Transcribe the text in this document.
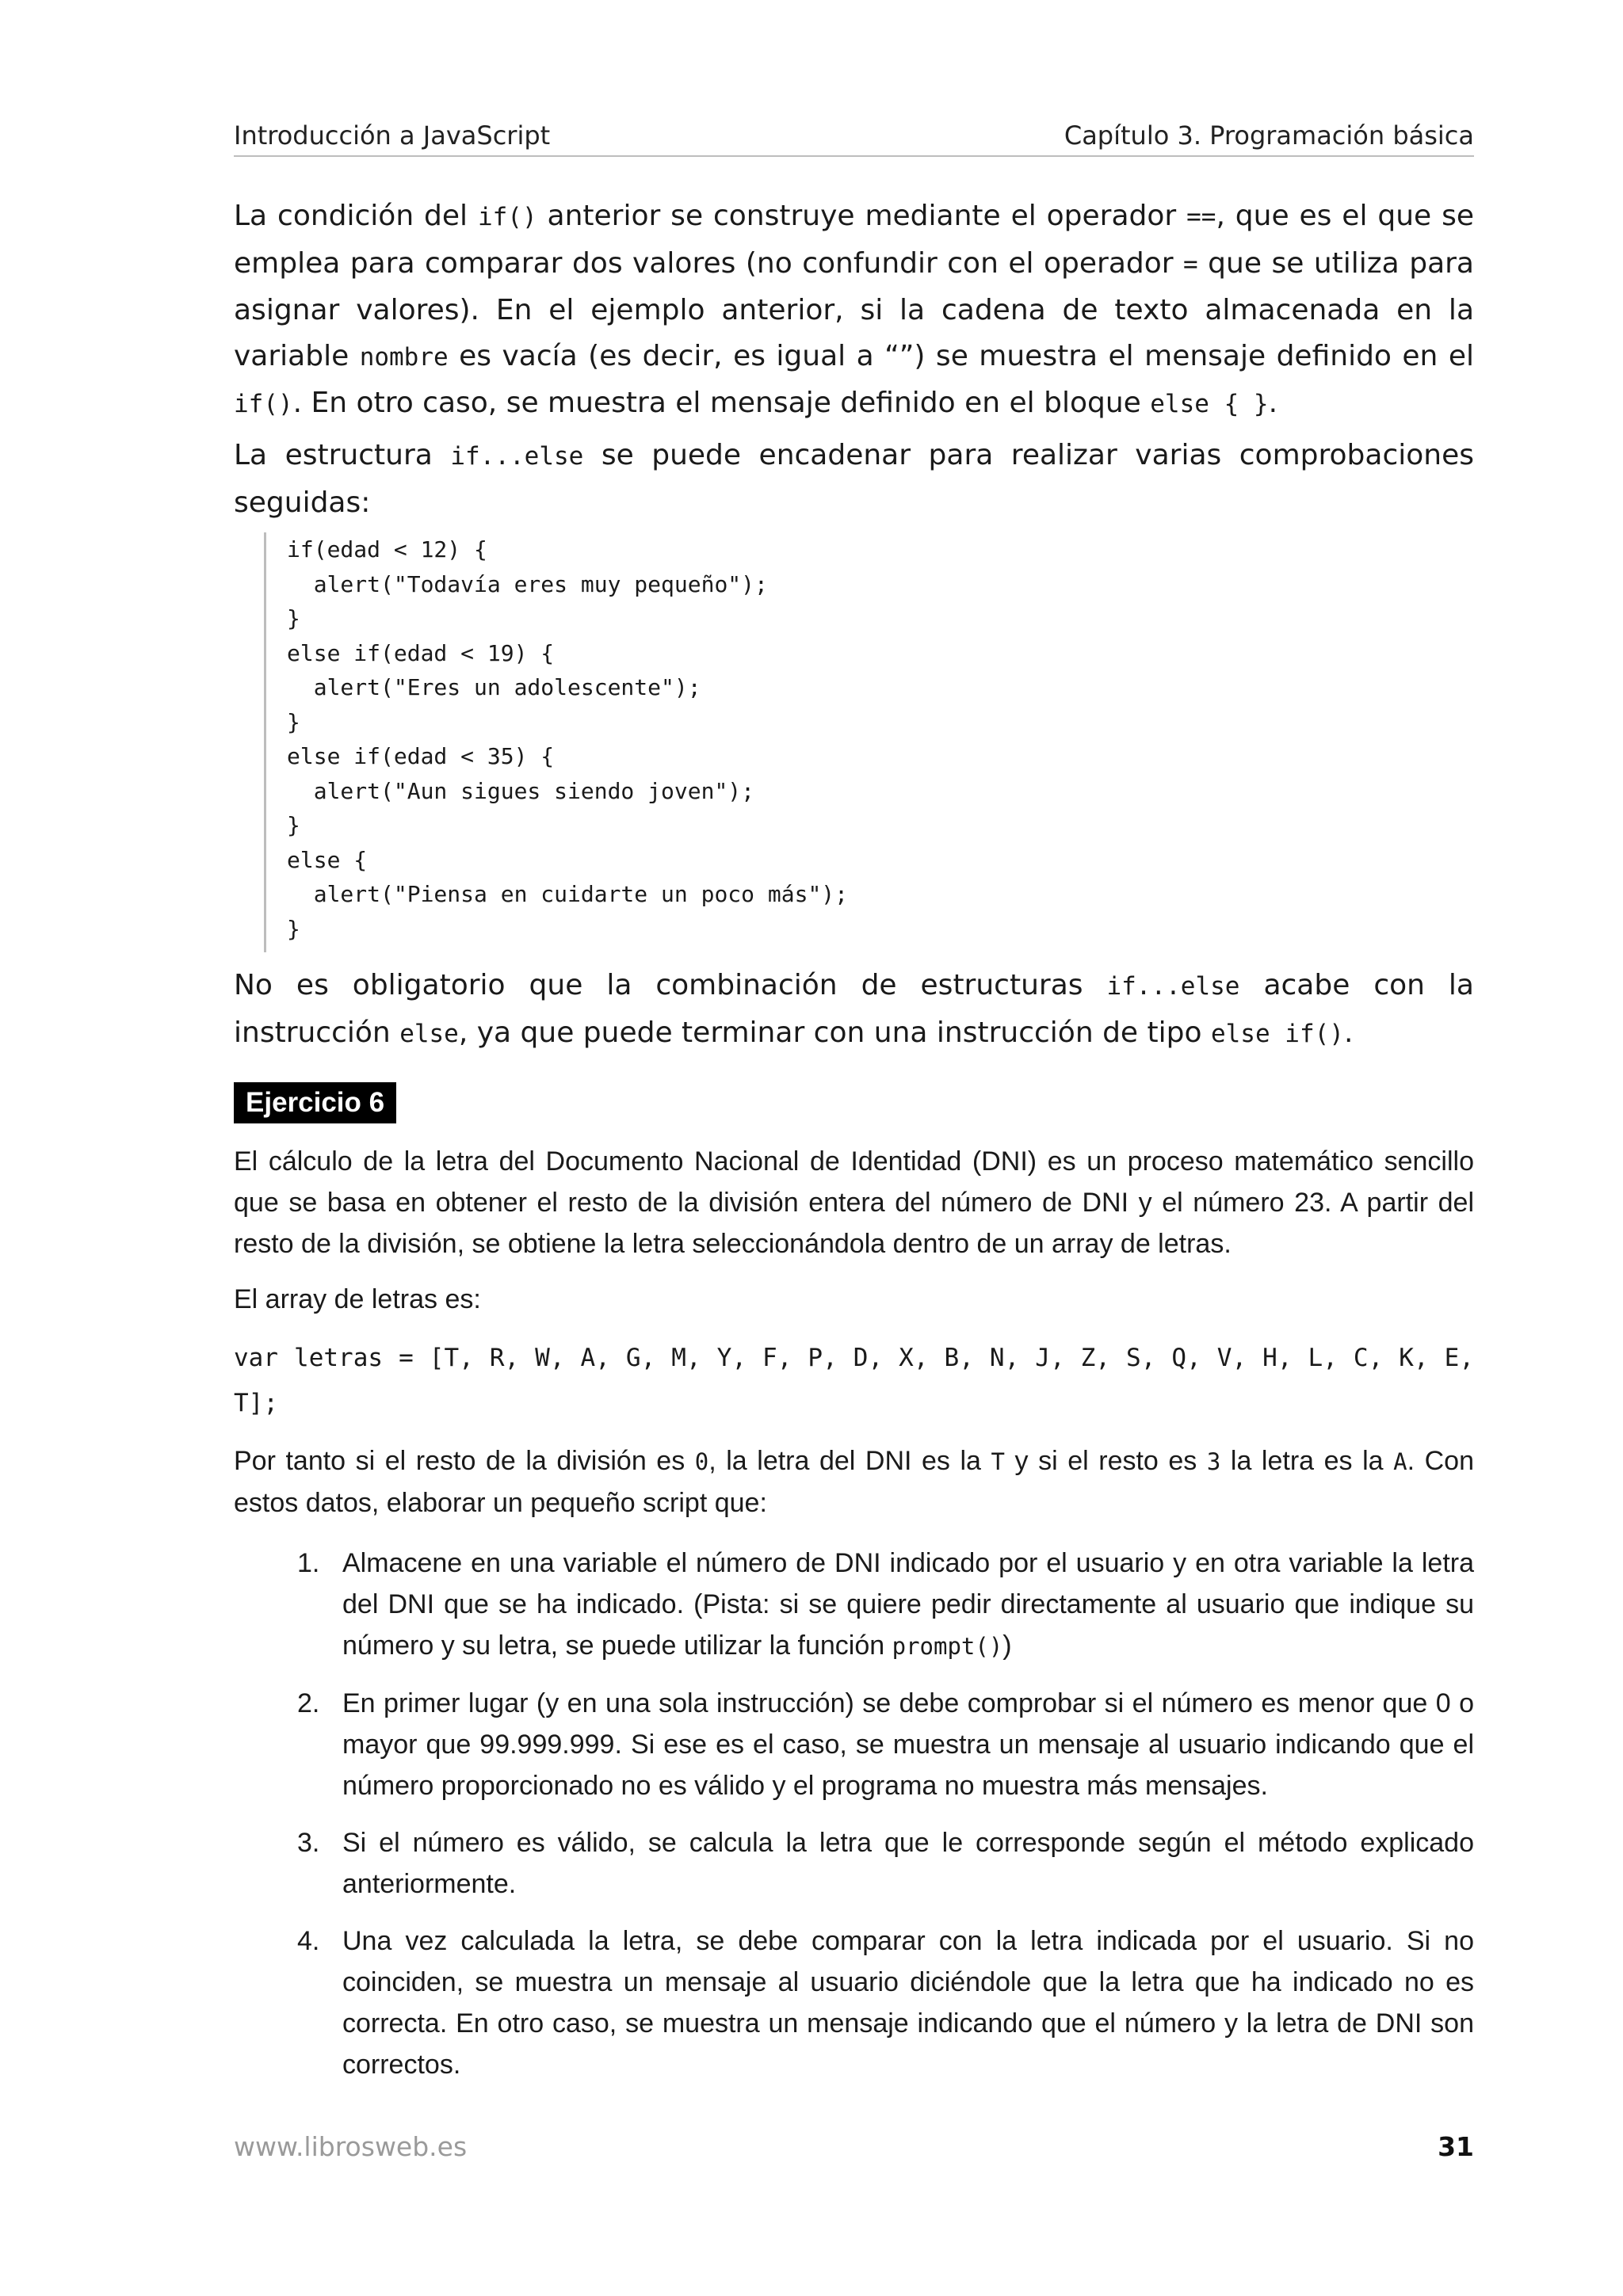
Introducción a JavaScript	Capítulo 3. Programación básica

La condición del if() anterior se construye mediante el operador ==, que es el que se emplea para comparar dos valores (no confundir con el operador = que se utiliza para asignar valores). En el ejemplo anterior, si la cadena de texto almacenada en la variable nombre es vacía (es decir, es igual a “”) se muestra el mensaje definido en el if(). En otro caso, se muestra el mensaje definido en el bloque else { }.

La estructura if...else se puede encadenar para realizar varias comprobaciones seguidas:

if(edad < 12) {
alert("Todavía eres muy pequeño");
}
else if(edad < 19) {
alert("Eres un adolescente");
}
else if(edad < 35) {
alert("Aun sigues siendo joven");
}
else {
alert("Piensa en cuidarte un poco más");
}

No es obligatorio que la combinación de estructuras if...else acabe con la instrucción else, ya que puede terminar con una instrucción de tipo else if().

Ejercicio 6

El cálculo de la letra del Documento Nacional de Identidad (DNI) es un proceso matemático sencillo que se basa en obtener el resto de la división entera del número de DNI y el número 23. A partir del resto de la división, se obtiene la letra seleccionándola dentro de un array de letras.

El array de letras es:

var letras = [T, R, W, A, G, M, Y, F, P, D, X, B, N, J, Z, S, Q, V, H, L, C, K, E, T];

Por tanto si el resto de la división es 0, la letra del DNI es la T y si el resto es 3 la letra es la A. Con estos datos, elaborar un pequeño script que:

1. Almacene en una variable el número de DNI indicado por el usuario y en otra variable la letra del DNI que se ha indicado. (Pista: si se quiere pedir directamente al usuario que indique su número y su letra, se puede utilizar la función prompt())
2. En primer lugar (y en una sola instrucción) se debe comprobar si el número es menor que 0 o mayor que 99.999.999. Si ese es el caso, se muestra un mensaje al usuario indicando que el número proporcionado no es válido y el programa no muestra más mensajes.
3. Si el número es válido, se calcula la letra que le corresponde según el método explicado anteriormente.
4. Una vez calculada la letra, se debe comparar con la letra indicada por el usuario. Si no coinciden, se muestra un mensaje al usuario diciéndole que la letra que ha indicado no es correcta. En otro caso, se muestra un mensaje indicando que el número y la letra de DNI son correctos.
www.librosweb.es	31
